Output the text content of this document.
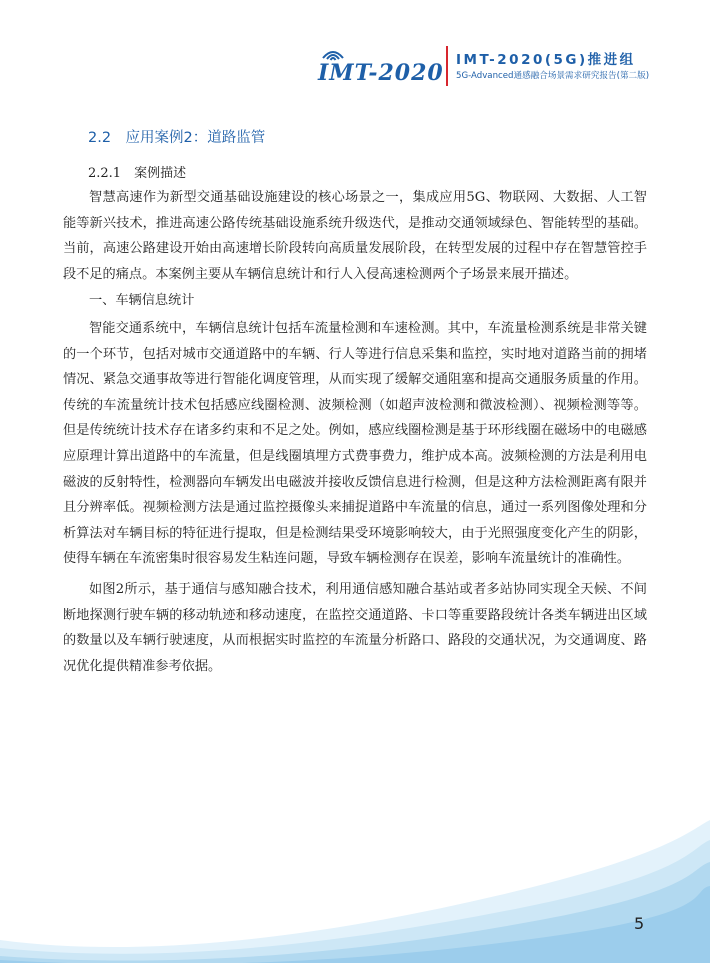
IMT-2020 IMT-2020(5G)推进组
5G-Advanced通感融合场景需求研究报告(第二版)
2.2　应用案例2：道路监管
2.2.1　案例描述

智慧高速作为新型交通基础设施建设的核心场景之一，集成应用5G、物联网、大数据、人工智能等新兴技术，推进高速公路传统基础设施系统升级迭代，是推动交通领域绿色、智能转型的基础。当前，高速公路建设开始由高速增长阶段转向高质量发展阶段，在转型发展的过程中存在智慧管控手段不足的痛点。本案例主要从车辆信息统计和行人入侵高速检测两个子场景来展开描述。

一、车辆信息统计

智能交通系统中，车辆信息统计包括车流量检测和车速检测。其中，车流量检测系统是非常关键的一个环节，包括对城市交通道路中的车辆、行人等进行信息采集和监控，实时地对道路当前的拥堵情况、紧急交通事故等进行智能化调度管理，从而实现了缓解交通阻塞和提高交通服务质量的作用。传统的车流量统计技术包括感应线圈检测、波频检测（如超声波检测和微波检测）、视频检测等等。但是传统统计技术存在诸多约束和不足之处。例如，感应线圈检测是基于环形线圈在磁场中的电磁感应原理计算出道路中的车流量，但是线圈填埋方式费事费力，维护成本高。波频检测的方法是利用电磁波的反射特性，检测器向车辆发出电磁波并接收反馈信息进行检测，但是这种方法检测距离有限并且分辨率低。视频检测方法是通过监控摄像头来捕捉道路中车流量的信息，通过一系列图像处理和分析算法对车辆目标的特征进行提取，但是检测结果受环境影响较大，由于光照强度变化产生的阴影，使得车辆在车流密集时很容易发生粘连问题，导致车辆检测存在误差，影响车流量统计的准确性。

如图2所示，基于通信与感知融合技术，利用通信感知融合基站或者多站协同实现全天候、不间断地探测行驶车辆的移动轨迹和移动速度，在监控交通道路、卡口等重要路段统计各类车辆进出区域的数量以及车辆行驶速度，从而根据实时监控的车流量分析路口、路段的交通状况，为交通调度、路况优化提供精准参考依据。

5
